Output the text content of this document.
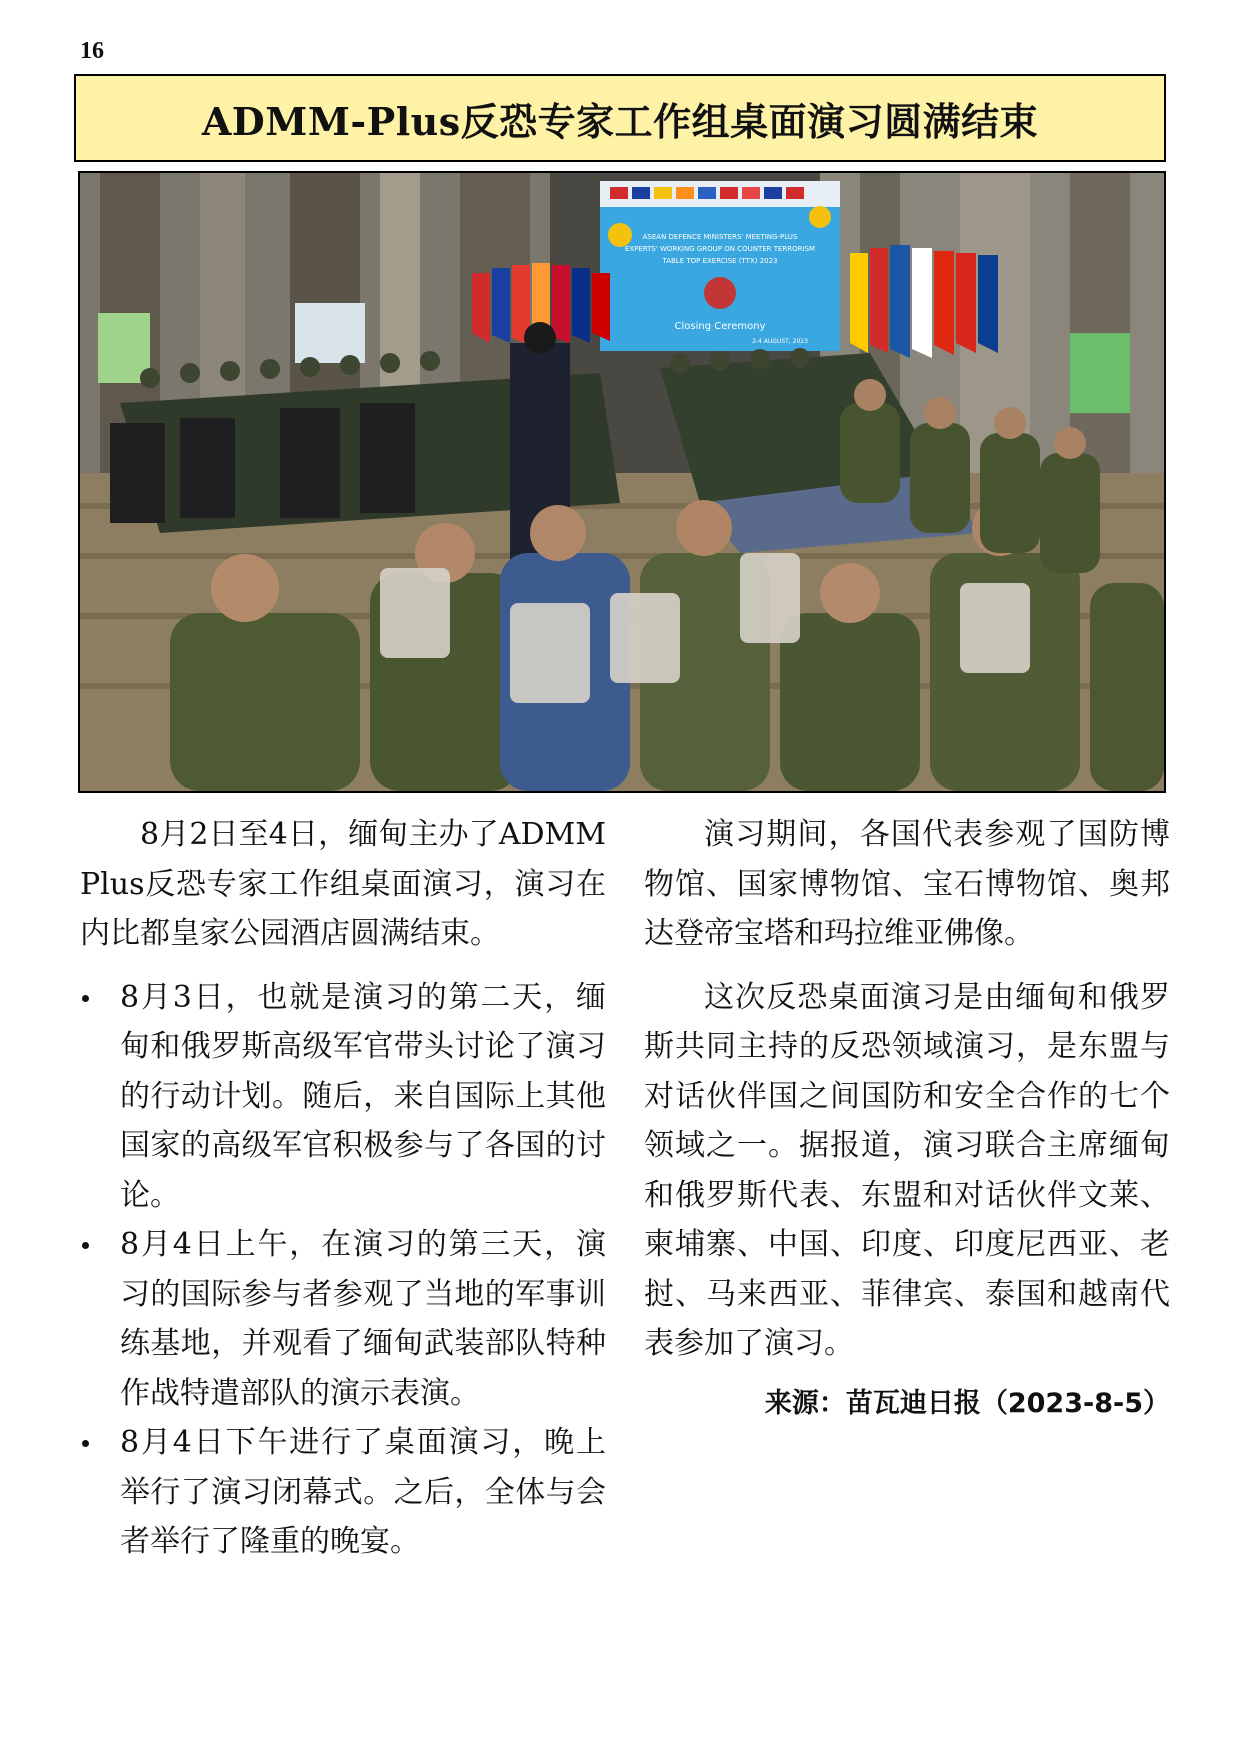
16
ADMM-Plus反恐专家工作组桌面演习圆满结束
ASEAN DEFENCE MINISTERS' MEETING-PLUS
EXPERTS' WORKING GROUP ON COUNTER TERRORISM
TABLE TOP EXERCISE (TTX) 2023
Closing Ceremony
2-4 AUGUST, 2023

8月2日至4日，缅甸主办了ADMM Plus反恐专家工作组桌面演习，演习在内比都皇家公园酒店圆满结束。

8月3日，也就是演习的第二天，缅甸和俄罗斯高级军官带头讨论了演习的行动计划。随后，来自国际上其他国家的高级军官积极参与了各国的讨论。
8月4日上午，在演习的第三天，演习的国际参与者参观了当地的军事训练基地，并观看了缅甸武装部队特种作战特遣部队的演示表演。
8月4日下午进行了桌面演习，晚上举行了演习闭幕式。之后，全体与会者举行了隆重的晚宴。

演习期间，各国代表参观了国防博物馆、国家博物馆、宝石博物馆、奥邦达登帝宝塔和玛拉维亚佛像。

这次反恐桌面演习是由缅甸和俄罗斯共同主持的反恐领域演习，是东盟与对话伙伴国之间国防和安全合作的七个领域之一。据报道，演习联合主席缅甸和俄罗斯代表、东盟和对话伙伴文莱、柬埔寨、中国、印度、印度尼西亚、老挝、马来西亚、菲律宾、泰国和越南代表参加了演习。

来源：苗瓦迪日报（2023-8-5）
